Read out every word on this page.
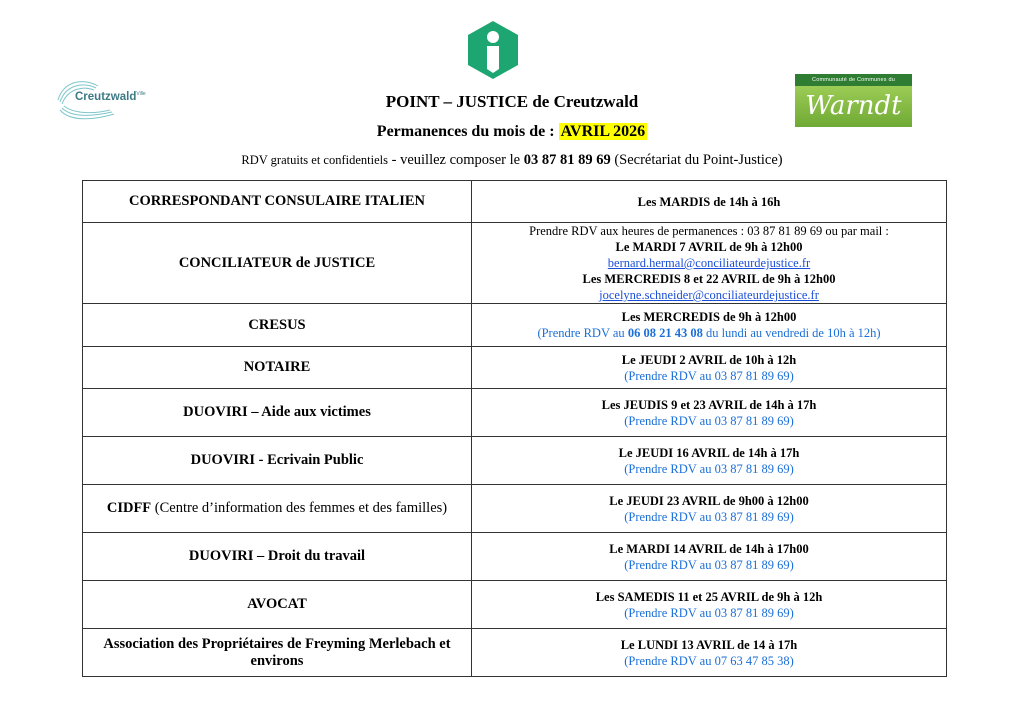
Creutzwald$^{Ville}$
Communauté de Communes du
Warndt
POINT – JUSTICE de Creutzwald
Permanences du mois de : AVRIL 2026
RDV gratuits et confidentiels - veuillez composer le 03 87 81 89 69 (Secrétariat du Point-Justice)
CORRESPONDANT CONSULAIRE ITALIEN	Les MARDIS de 14h à 16h

CONCILIATEUR de JUSTICE	Prendre RDV aux heures de permanences : 03 87 81 89 69 ou par mail :
Le MARDI 7 AVRIL de 9h à 12h00
bernard.hermal@conciliateurdejustice.fr
Les MERCREDIS 8 et 22 AVRIL de 9h à 12h00
jocelyne.schneider@conciliateurdejustice.fr

CRESUS	Les MERCREDIS de 9h à 12h00
(Prendre RDV au 06 08 21 43 08 du lundi au vendredi de 10h à 12h)

NOTAIRE	Le JEUDI 2 AVRIL de 10h à 12h
(Prendre RDV au 03 87 81 89 69)

DUOVIRI – Aide aux victimes	Les JEUDIS 9 et 23 AVRIL de 14h à 17h
(Prendre RDV au 03 87 81 89 69)

DUOVIRI - Ecrivain Public	Le JEUDI 16 AVRIL de 14h à 17h
(Prendre RDV au 03 87 81 89 69)

CIDFF (Centre d’information des femmes et des familles)	Le JEUDI 23 AVRIL de 9h00 à 12h00
(Prendre RDV au 03 87 81 89 69)

DUOVIRI – Droit du travail	Le MARDI 14 AVRIL de 14h à 17h00
(Prendre RDV au 03 87 81 89 69)

AVOCAT	Les SAMEDIS 11 et 25 AVRIL de 9h à 12h
(Prendre RDV au 03 87 81 89 69)

Association des Propriétaires de Freyming Merlebach et environs	Le LUNDI 13 AVRIL de 14 à 17h
(Prendre RDV au 07 63 47 85 38)
